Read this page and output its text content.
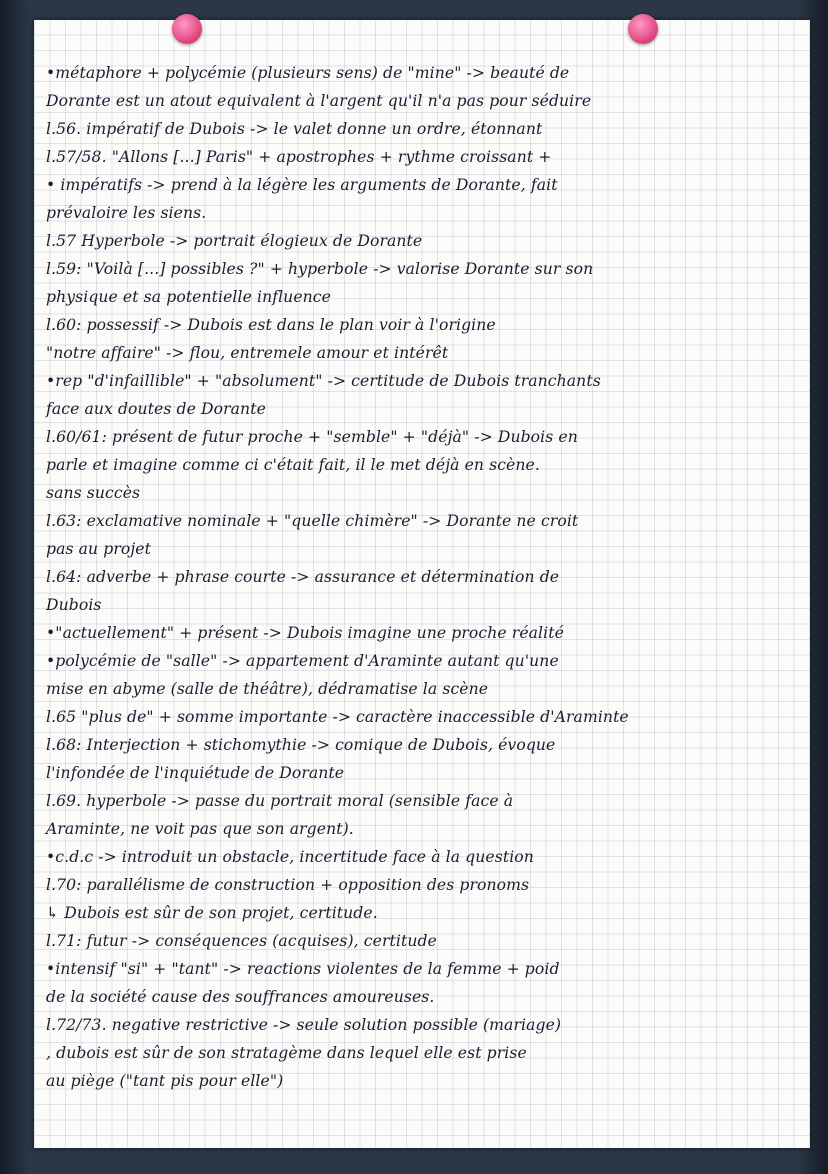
•métaphore + polycémie (plusieurs sens) de "mine" -> beauté de
Dorante est un atout equivalent à l'argent qu'il n'a pas pour séduire
l.56. impératif de Dubois -> le valet donne un ordre, étonnant
l.57/58. "Allons [...] Paris" + apostrophes + rythme croissant +
• impératifs -> prend à la légère les arguments de Dorante, fait
prévaloire les siens.
l.57 Hyperbole -> portrait élogieux de Dorante
l.59: "Voilà [...] possibles ?" + hyperbole -> valorise Dorante sur son
physique et sa potentielle influence
l.60: possessif -> Dubois est dans le plan voir à l'origine
"notre affaire" -> flou, entremele amour et intérêt
•rep "d'infaillible" + "absolument" -> certitude de Dubois tranchants
face aux doutes de Dorante
l.60/61: présent de futur proche + "semble" + "déjà" -> Dubois en
parle et imagine comme ci c'était fait, il le met déjà en scène.
sans succès
l.63: exclamative nominale + "quelle chimère" -> Dorante ne croit
pas au projet
l.64: adverbe + phrase courte -> assurance et détermination de
Dubois
•"actuellement" + présent -> Dubois imagine une proche réalité
•polycémie de "salle" -> appartement d'Araminte autant qu'une
mise en abyme (salle de théâtre), dédramatise la scène
l.65 "plus de" + somme importante -> caractère inaccessible d'Araminte
l.68: Interjection + stichomythie -> comique de Dubois, évoque
l'infondée de l'inquiétude de Dorante
l.69. hyperbole -> passe du portrait moral (sensible face à
Araminte, ne voit pas que son argent).
•c.d.c -> introduit un obstacle, incertitude face à la question
l.70: parallélisme de construction + opposition des pronoms
↳ Dubois est sûr de son projet, certitude.
l.71: futur -> conséquences (acquises), certitude
•intensif "si" + "tant" -> reactions violentes de la femme + poid
de la société cause des souffrances amoureuses.
l.72/73. negative restrictive -> seule solution possible (mariage)
, dubois est sûr de son stratagème dans lequel elle est prise
au piège ("tant pis pour elle")
